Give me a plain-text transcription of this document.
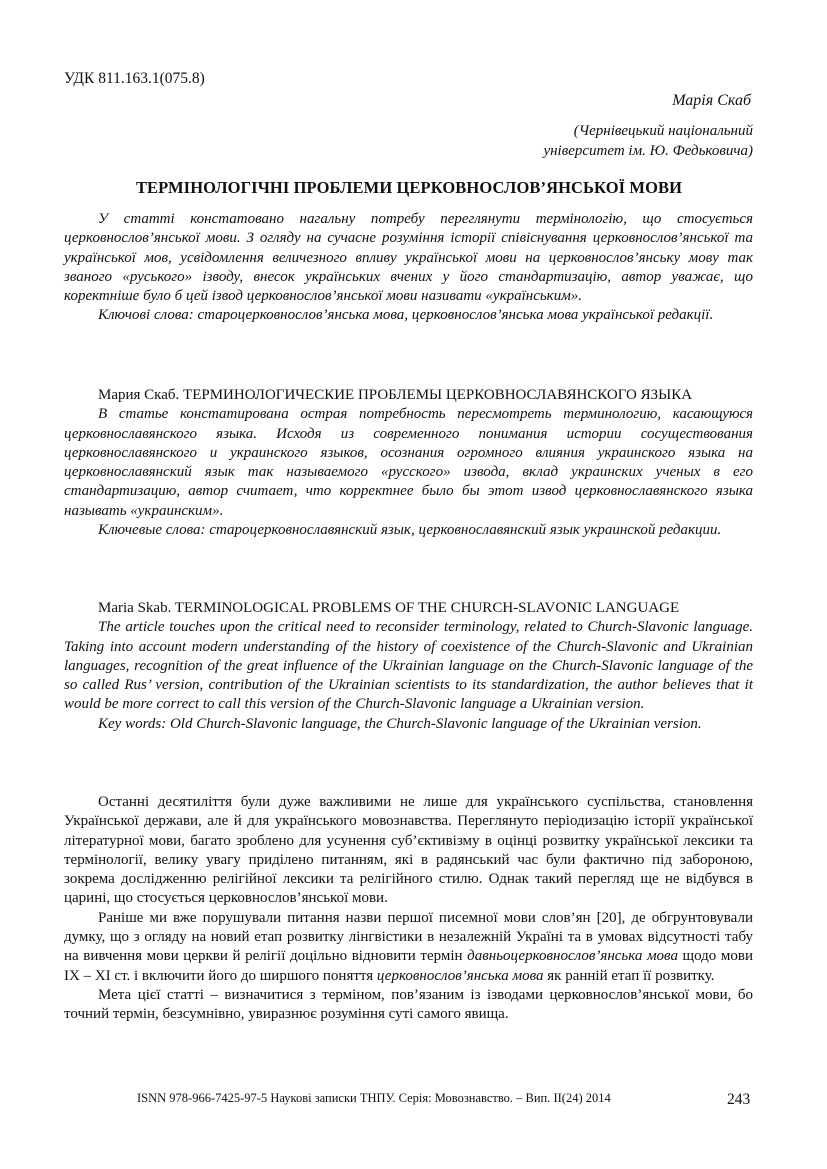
УДК 811.163.1(075.8)
Марія Скаб
(Чернівецький національний
університет ім. Ю. Федьковича)
ТЕРМІНОЛОГІЧНІ ПРОБЛЕМИ ЦЕРКОВНОСЛОВ’ЯНСЬКОЇ МОВИ

У статті констатовано нагальну потребу переглянути термінологію, що стосується церковнослов’янської мови. З огляду на сучасне розуміння історії співіснування церковнослов’янської та української мов, усвідомлення величезного впливу української мови на церковнослов’янську мову так званого «руського» ізводу, внесок українських вчених у його стандартизацію, автор уважає, що коректніше було б цей ізвод церковнослов’янської мови називати «українським».

Ключові слова: староцерковнослов’янська мова, церковнослов’янська мова української редакції.

Мария Скаб. ТЕРМИНОЛОГИЧЕСКИЕ ПРОБЛЕМЫ ЦЕРКОВНОСЛАВЯНСКОГО ЯЗЫКА

В статье констатирована острая потребность пересмотреть терминологию, касающуюся церковнославянского языка. Исходя из современного понимания истории сосуществования церковнославянского и украинского языков, осознания огромного влияния украинского языка на церковнославянский язык так называемого «русского» извода, вклад украинских ученых в его стандартизацию, автор считает, что корректнее было бы этот извод церковнославянского языка называть «украинским».

Ключевые слова: староцерковнославянский язык, церковнославянский язык украинской редакции.

Maria Skab. TERMINOLOGICAL PROBLEMS OF THE CHURCH-SLAVONIC LANGUAGE

The article touches upon the critical need to reconsider terminology, related to Church-Slavonic language. Taking into account modern understanding of the history of coexistence of the Church-Slavonic and Ukrainian languages, recognition of the great influence of the Ukrainian language on the Church-Slavonic language of the so called Rus’ version, contribution of the Ukrainian scientists to its standardization, the author believes that it would be more correct to call this version of the Church-Slavonic language a Ukrainian version.

Key words: Old Church-Slavonic language, the Church-Slavonic language of the Ukrainian version.

Останні десятиліття були дуже важливими не лише для українського суспільства, становлення Української держави, але й для українського мовознавства. Переглянуто періодизацію історії української літературної мови, багато зроблено для усунення суб’єктивізму в оцінці розвитку української лексики та термінології, велику увагу приділено питанням, які в радянський час були фактично під забороною, зокрема дослідженню релігійної лексики та релігійного стилю. Однак такий перегляд ще не відбувся в царині, що стосується церковнослов’янської мови.

Раніше ми вже порушували питання назви першої писемної мови слов’ян [20], де обгрунтовували думку, що з огляду на новий етап розвитку лінгвістики в незалежній Україні та в умовах відсутності табу на вивчення мови церкви й релігії доцільно відновити термін давньоцерковнослов’янська мова щодо мови IX – XI ст. і включити його до ширшого поняття церковнослов’янська мова як ранній етап її розвитку.

Мета цієї статті – визначитися з терміном, пов’язаним із ізводами церковнослов’янської мови, бо точний термін, безсумнівно, увиразнює розуміння суті самого явища.

ISNN 978-966-7425-97-5 Наукові записки ТНПУ. Серія: Мовознавство. – Вип. ІІ(24) 2014	243
